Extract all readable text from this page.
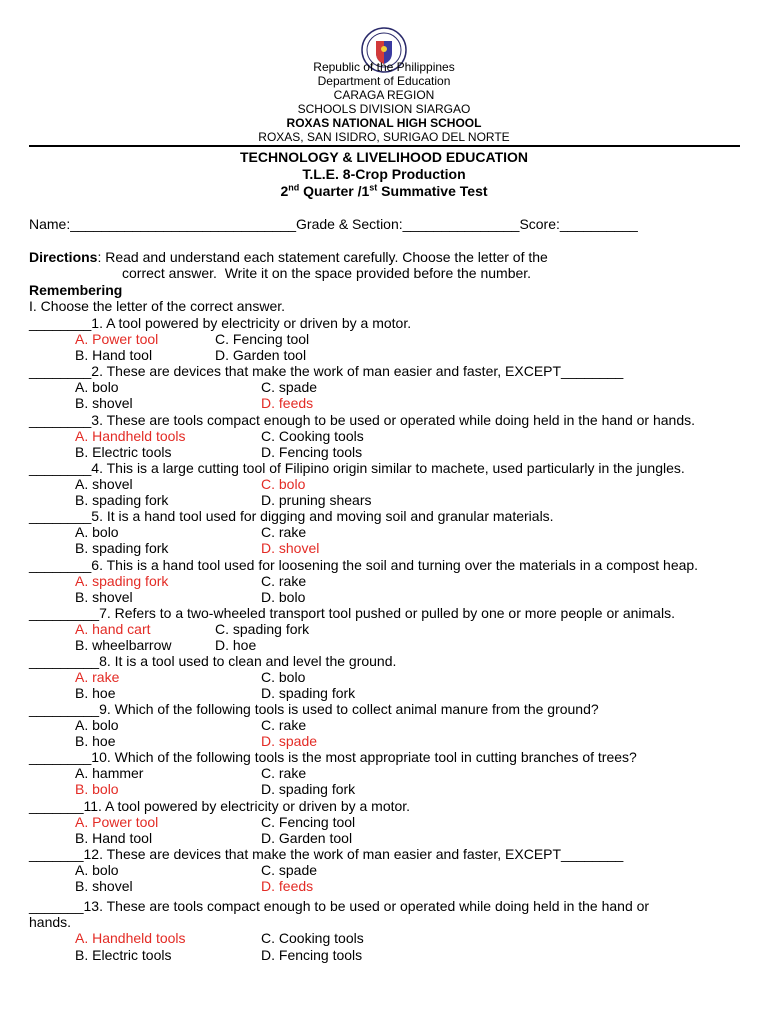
Republic of the Philippines
Department of Education
CARAGA REGION
SCHOOLS DIVISION SIARGAO
ROXAS NATIONAL HIGH SCHOOL
ROXAS, SAN ISIDRO, SURIGAO DEL NORTE
TECHNOLOGY & LIVELIHOOD EDUCATION
T.L.E. 8-Crop Production
2nd Quarter /1st Summative Test
Name:_____________________________Grade & Section:_______________Score:__________
Directions: Read and understand each statement carefully. Choose the letter of the
correct answer.  Write it on the space provided before the number.
Remembering
I. Choose the letter of the correct answer.
________1. A tool powered by electricity or driven by a motor.
A. Power tool	C. Fencing tool
B. Hand tool	D. Garden tool
________2. These are devices that make the work of man easier and faster, EXCEPT________
A. bolo	C. spade
B. shovel	D. feeds
________3. These are tools compact enough to be used or operated while doing held in the hand or hands.
A. Handheld tools	C. Cooking tools
B. Electric tools	D. Fencing tools
________4. This is a large cutting tool of Filipino origin similar to machete, used particularly in the jungles.
A. shovel	C. bolo
B. spading fork	D. pruning shears
________5. It is a hand tool used for digging and moving soil and granular materials.
A. bolo	C. rake
B. spading fork	D. shovel
________6. This is a hand tool used for loosening the soil and turning over the materials in a compost heap.
A. spading fork	C. rake
B. shovel	D. bolo
_________7. Refers to a two-wheeled transport tool pushed or pulled by one or more people or animals.
A. hand cart	C. spading fork
B. wheelbarrow	D. hoe
_________8. It is a tool used to clean and level the ground.
A. rake	C. bolo
B. hoe	D. spading fork
_________9. Which of the following tools is used to collect animal manure from the ground?
A. bolo	C. rake
B. hoe	D. spade
________10. Which of the following tools is the most appropriate tool in cutting branches of trees?
A. hammer	C. rake
B. bolo	D. spading fork
_______11. A tool powered by electricity or driven by a motor.
A. Power tool	C. Fencing tool
B. Hand tool	D. Garden tool
_______12. These are devices that make the work of man easier and faster, EXCEPT________
A. bolo	C. spade
B. shovel	D. feeds
_______13. These are tools compact enough to be used or operated while doing held in the hand or
hands.
A. Handheld tools	C. Cooking tools
B. Electric tools	D. Fencing tools
